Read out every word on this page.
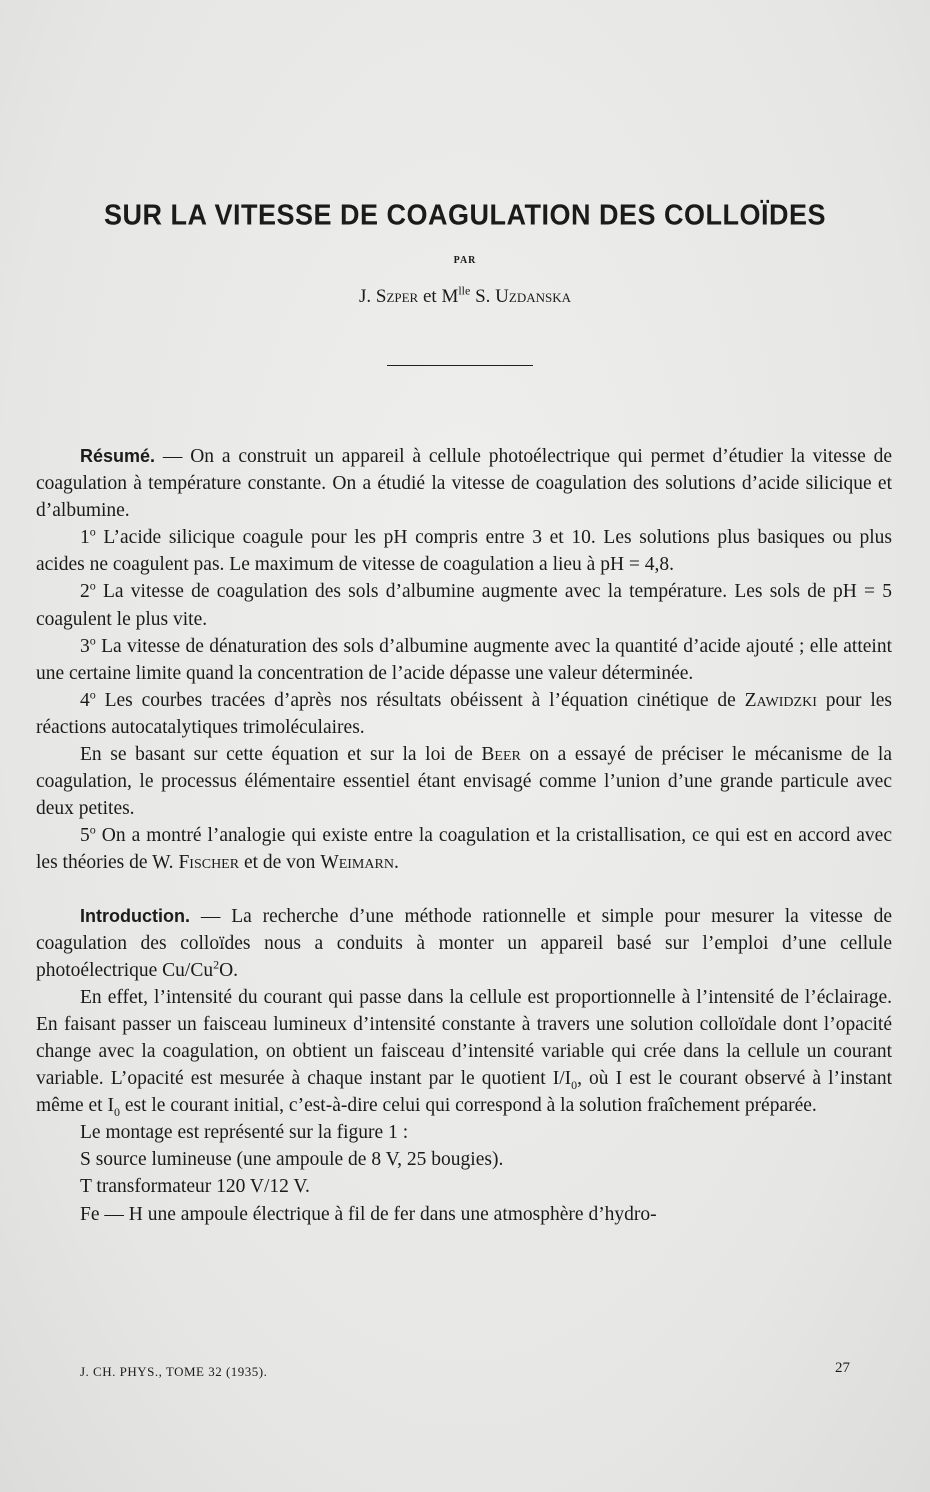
SUR LA VITESSE DE COAGULATION DES COLLOÏDES
PAR
J. Szper et $M^{lle}$ S. Uzdanska

Résumé. — On a construit un appareil à cellule photoélectrique qui permet d’étudier la vitesse de coagulation à température constante. On a étudié la vitesse de coagulation des solutions d’acide silicique et d’albumine.

1$^o$ L’acide silicique coagule pour les pH compris entre 3 et 10. Les solutions plus basiques ou plus acides ne coagulent pas. Le maximum de vitesse de coagulation a lieu à pH = 4,8.

2$^o$ La vitesse de coagulation des sols d’albumine augmente avec la température. Les sols de pH = 5 coagulent le plus vite.

3$^o$ La vitesse de dénaturation des sols d’albumine augmente avec la quantité d’acide ajouté ; elle atteint une certaine limite quand la concentration de l’acide dépasse une valeur déterminée.

4$^o$ Les courbes tracées d’après nos résultats obéissent à l’équation cinétique de Zawidzki pour les réactions autocatalytiques trimoléculaires.

En se basant sur cette équation et sur la loi de Beer on a essayé de préciser le mécanisme de la coagulation, le processus élémentaire essentiel étant envisagé comme l’union d’une grande particule avec deux petites.

5$^o$ On a montré l’analogie qui existe entre la coagulation et la cristallisation, ce qui est en accord avec les théories de W. Fischer et de von Weimarn.

Introduction. — La recherche d’une méthode rationnelle et simple pour mesurer la vitesse de coagulation des colloïdes nous a conduits à monter un appareil basé sur l’emploi d’une cellule photoélectrique Cu/Cu$^2$O.

En effet, l’intensité du courant qui passe dans la cellule est proportionnelle à l’intensité de l’éclairage. En faisant passer un faisceau lumineux d’intensité constante à travers une solution colloïdale dont l’opacité change avec la coagulation, on obtient un faisceau d’intensité variable qui crée dans la cellule un courant variable. L’opacité est mesurée à chaque instant par le quotient $I/I_0$, où I est le courant observé à l’instant même et $I_0$ est le courant initial, c’est-à-dire celui qui correspond à la solution fraîchement préparée.

Le montage est représenté sur la figure 1 :

S source lumineuse (une ampoule de 8 V, 25 bougies).

T transformateur 120 V/12 V.

Fe — H une ampoule électrique à fil de fer dans une atmosphère d’hydro-

J. CH. PHYS., TOME 32 (1935).	27
